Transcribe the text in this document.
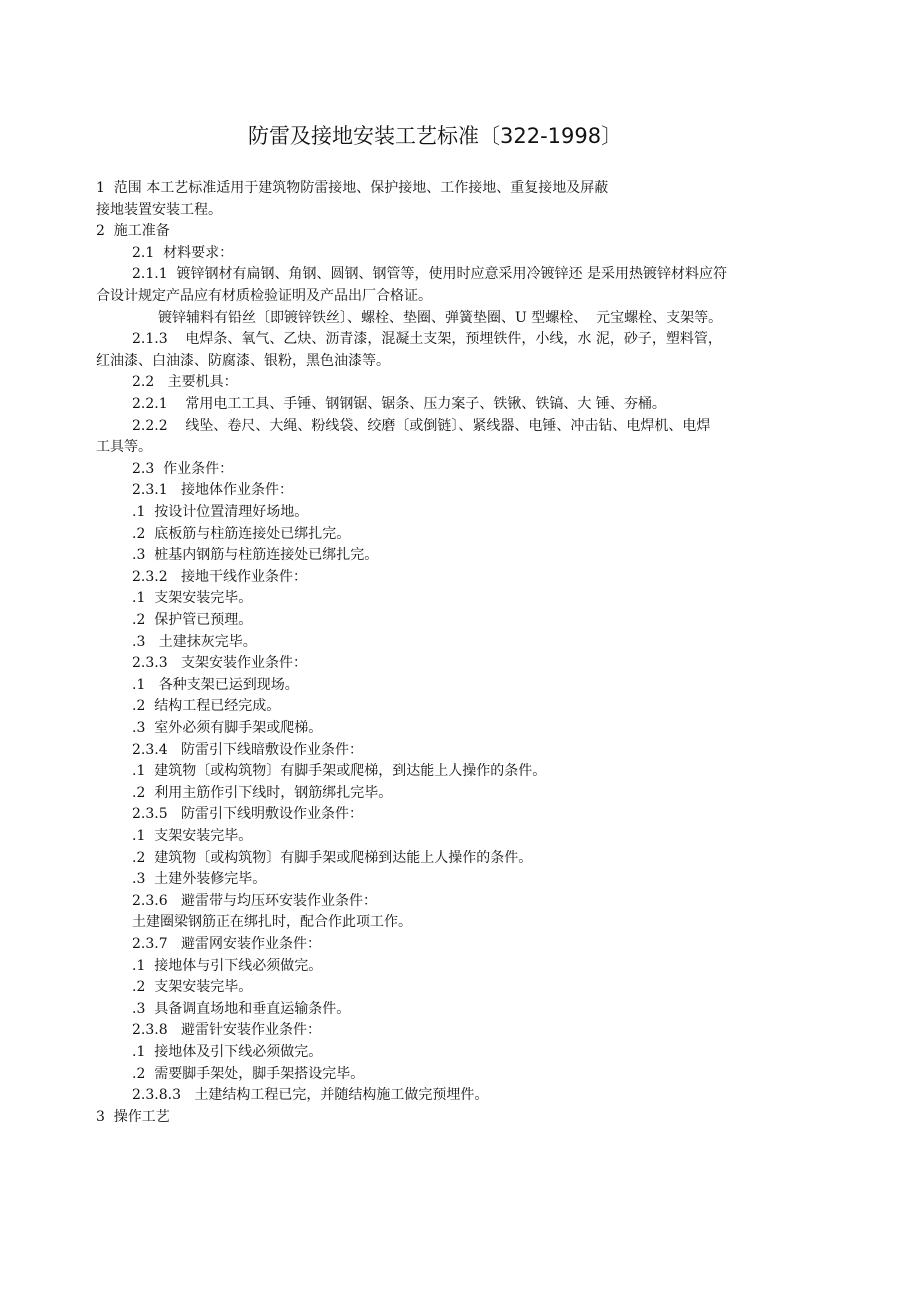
防雷及接地安装工艺标准〔322-1998〕
1  范围 本工艺标准适用于建筑物防雷接地、保护接地、工作接地、重复接地及屏蔽
接地装置安装工程。
2  施工准备
2.1  材料要求：
2.1.1  镀锌钢材有扁钢、角钢、圆钢、钢管等，使用时应意采用冷镀锌还 是采用热镀锌材料应符
合设计规定产品应有材质检验证明及产品出厂合格证。
镀锌辅料有铅丝〔即镀锌铁丝〕、螺栓、垫圈、弹簧垫圈、U 型螺栓、  元宝螺栓、支架等。
2.1.3    电焊条、氧气、乙炔、沥青漆，混凝土支架，预埋铁件，小线，水 泥，砂子，塑料管，
红油漆、白油漆、防腐漆、银粉，黑色油漆等。
2.2   主要机具：
2.2.1    常用电工工具、手锤、钢钢锯、锯条、压力案子、铁锹、铁镐、大 锤、夯桶。
2.2.2    线坠、卷尺、大绳、粉线袋、绞磨〔或倒链〕、紧线器、电锤、冲击钻、电焊机、电焊
工具等。
2.3  作业条件：
2.3.1   接地体作业条件：
.1  按设计位置清理好场地。
.2  底板筋与柱筋连接处已绑扎完。
.3  桩基内钢筋与柱筋连接处已绑扎完。
2.3.2   接地干线作业条件：
.1  支架安装完毕。
.2  保护管已预理。
.3   土建抹灰完毕。
2.3.3   支架安装作业条件：
.1   各种支架已运到现场。
.2  结构工程已经完成。
.3  室外必须有脚手架或爬梯。
2.3.4   防雷引下线暗敷设作业条件：
.1  建筑物〔或构筑物〕有脚手架或爬梯，到达能上人操作的条件。
.2  利用主筋作引下线时，钢筋绑扎完毕。
2.3.5   防雷引下线明敷设作业条件：
.1  支架安装完毕。
.2  建筑物〔或构筑物〕有脚手架或爬梯到达能上人操作的条件。
.3  土建外装修完毕。
2.3.6   避雷带与均压环安装作业条件：
土建圈梁钢筋正在绑扎时，配合作此项工作。
2.3.7   避雷网安装作业条件：
.1  接地体与引下线必须做完。
.2  支架安装完毕。
.3  具备调直场地和垂直运输条件。
2.3.8   避雷针安装作业条件：
.1  接地体及引下线必须做完。
.2  需要脚手架处，脚手架搭设完毕。
2.3.8.3   土建结构工程已完，并随结构施工做完预埋件。
3  操作工艺
